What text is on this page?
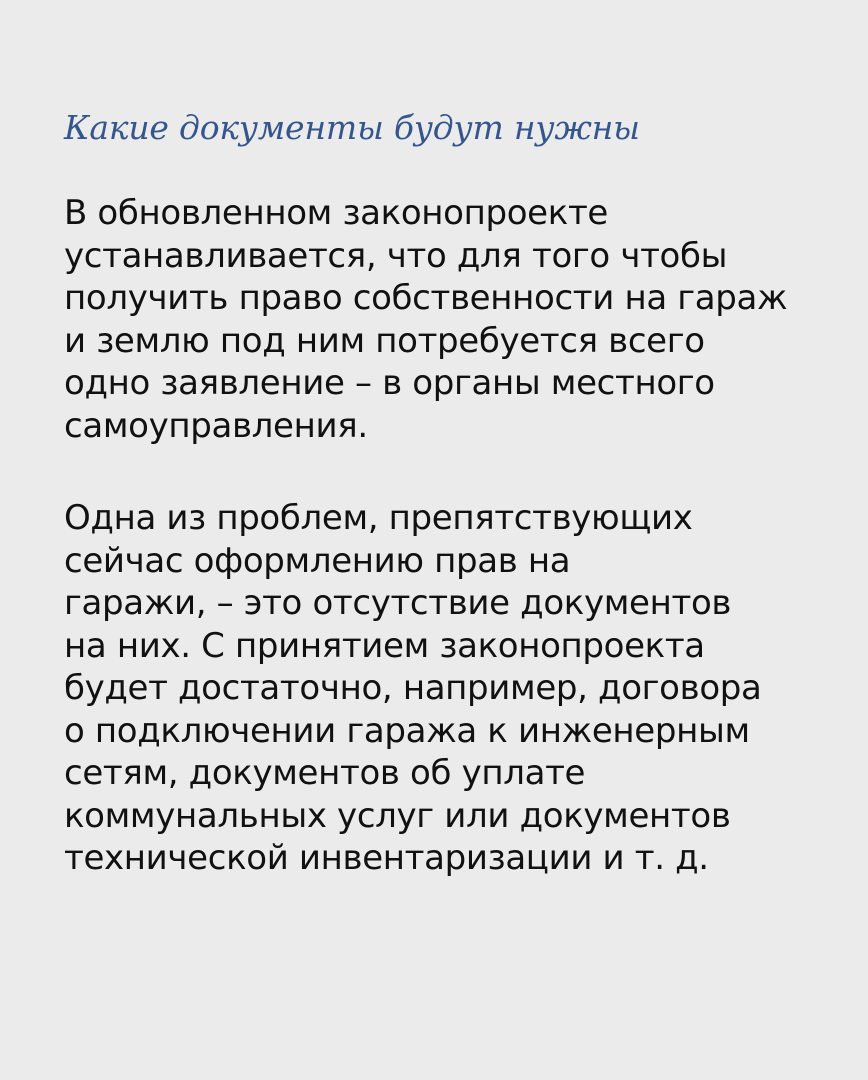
Какие документы будут нужны
В обновленном законопроекте
устанавливается, что для того чтобы
получить право собственности на гараж
и землю под ним потребуется всего
одно заявление – в органы местного
самоуправления.
Одна из проблем, препятствующих
сейчас оформлению прав на
гаражи, – это отсутствие документов
на них. С принятием законопроекта
будет достаточно, например, договора
о подключении гаража к инженерным
сетям, документов об уплате
коммунальных услуг или документов
технической инвентаризации и т. д.
